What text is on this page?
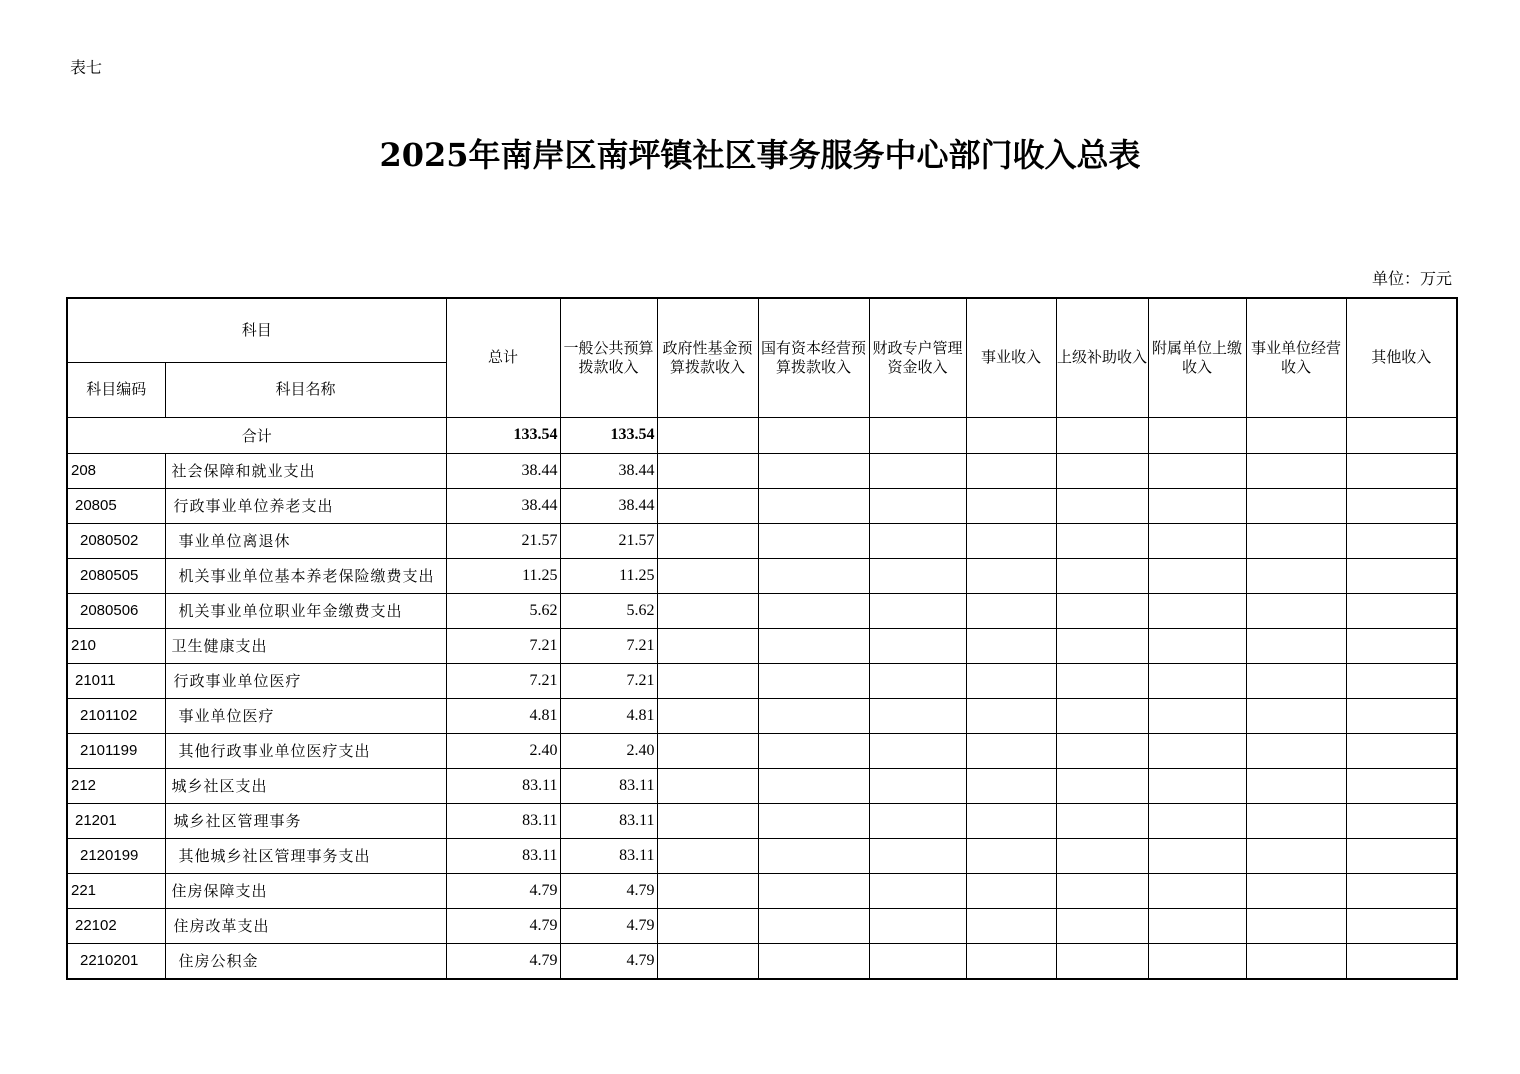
表七
2025年南岸区南坪镇社区事务服务中心部门收入总表
单位：万元
科目		总计	一般公共预算拨款收入	政府性基金预算拨款收入	国有资本经营预算拨款收入	财政专户管理资金收入	事业收入	上级补助收入	附属单位上缴收入	事业单位经营收入	其他收入
科目编码	科目名称										
合计		133.54	133.54								
208	社会保障和就业支出	38.44	38.44								
20805	行政事业单位养老支出	38.44	38.44								
2080502	事业单位离退休	21.57	21.57								
2080505	机关事业单位基本养老保险缴费支出	11.25	11.25								
2080506	机关事业单位职业年金缴费支出	5.62	5.62								
210	卫生健康支出	7.21	7.21								
21011	行政事业单位医疗	7.21	7.21								
2101102	事业单位医疗	4.81	4.81								
2101199	其他行政事业单位医疗支出	2.40	2.40								
212	城乡社区支出	83.11	83.11								
21201	城乡社区管理事务	83.11	83.11								
2120199	其他城乡社区管理事务支出	83.11	83.11								
221	住房保障支出	4.79	4.79								
22102	住房改革支出	4.79	4.79								
2210201	住房公积金	4.79	4.79								
